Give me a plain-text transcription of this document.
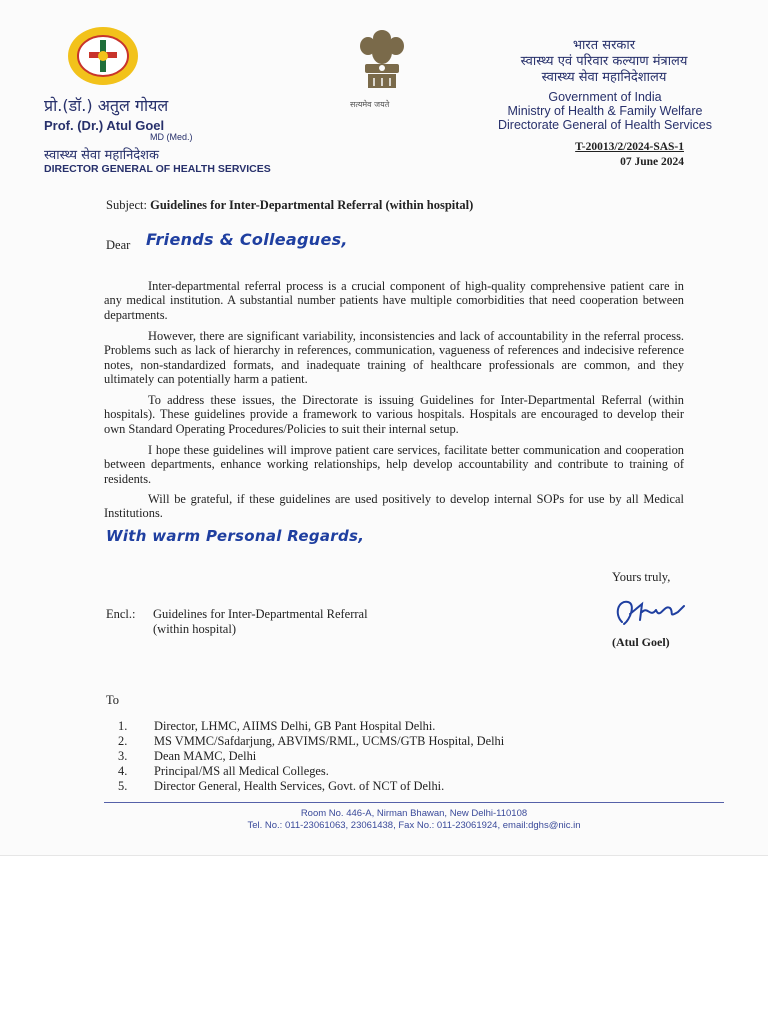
प्रो.(डॉ.) अतुल गोयल
Prof. (Dr.) Atul Goel
MD (Med.)
स्वास्थ्य सेवा महानिदेशक
DIRECTOR GENERAL OF HEALTH SERVICES
सत्यमेव जयते
भारत सरकार
स्वास्थ्य एवं परिवार कल्याण मंत्रालय
स्वास्थ्य सेवा महानिदेशालय
Government of India
Ministry of Health & Family Welfare
Directorate General of Health Services
T-20013/2/2024-SAS-1
07 June 2024
Subject: Guidelines for Inter-Departmental Referral (within hospital)
Dear Friends & Colleagues,

Inter-departmental referral process is a crucial component of high-quality comprehensive patient care in any medical institution. A substantial number patients have multiple comorbidities that need cooperation between departments.

However, there are significant variability, inconsistencies and lack of accountability in the referral process. Problems such as lack of hierarchy in references, communication, vagueness of references and indecisive reference notes, non-standardized formats, and inadequate training of healthcare professionals are common, and they ultimately can potentially harm a patient.

To address these issues, the Directorate is issuing Guidelines for Inter-Departmental Referral (within hospitals). These guidelines provide a framework to various hospitals. Hospitals are encouraged to develop their own Standard Operating Procedures/Policies to suit their internal setup.

I hope these guidelines will improve patient care services, facilitate better communication and cooperation between departments, enhance working relationships, help develop accountability and contribute to training of residents.

Will be grateful, if these guidelines are used positively to develop internal SOPs for use by all Medical Institutions.

With warm Personal Regards,
Yours truly,
(Atul Goel)
Encl.: Guidelines for Inter-Departmental Referral
(within hospital)
To
1.	Director, LHMC, AIIMS Delhi, GB Pant Hospital Delhi.
2.	MS VMMC/Safdarjung, ABVIMS/RML, UCMS/GTB Hospital, Delhi
3.	Dean MAMC, Delhi
4.	Principal/MS all Medical Colleges.
5.	Director General, Health Services, Govt. of NCT of Delhi.
Room No. 446-A, Nirman Bhawan, New Delhi-110108
Tel. No.: 011-23061063, 23061438, Fax No.: 011-23061924, email:dghs@nic.in
